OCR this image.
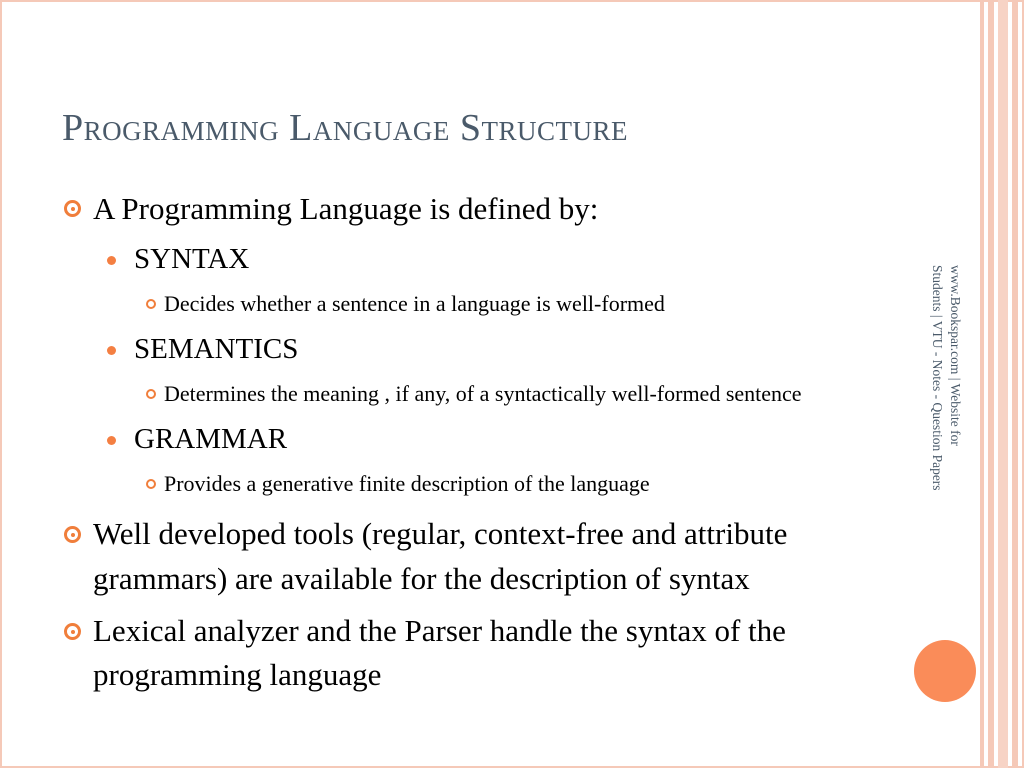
Programming Language Structure
A Programming Language is defined by:
SYNTAX
Decides whether a sentence in a language is well-formed
SEMANTICS
Determines the meaning , if any, of a syntactically well-formed sentence
GRAMMAR
Provides a generative finite description of the language
Well developed tools (regular, context-free and attribute
grammars) are available for the description of syntax
Lexical analyzer and the Parser handle the syntax of the
programming language
www.Bookspar.com | Website for
Students | VTU - Notes - Question Papers
